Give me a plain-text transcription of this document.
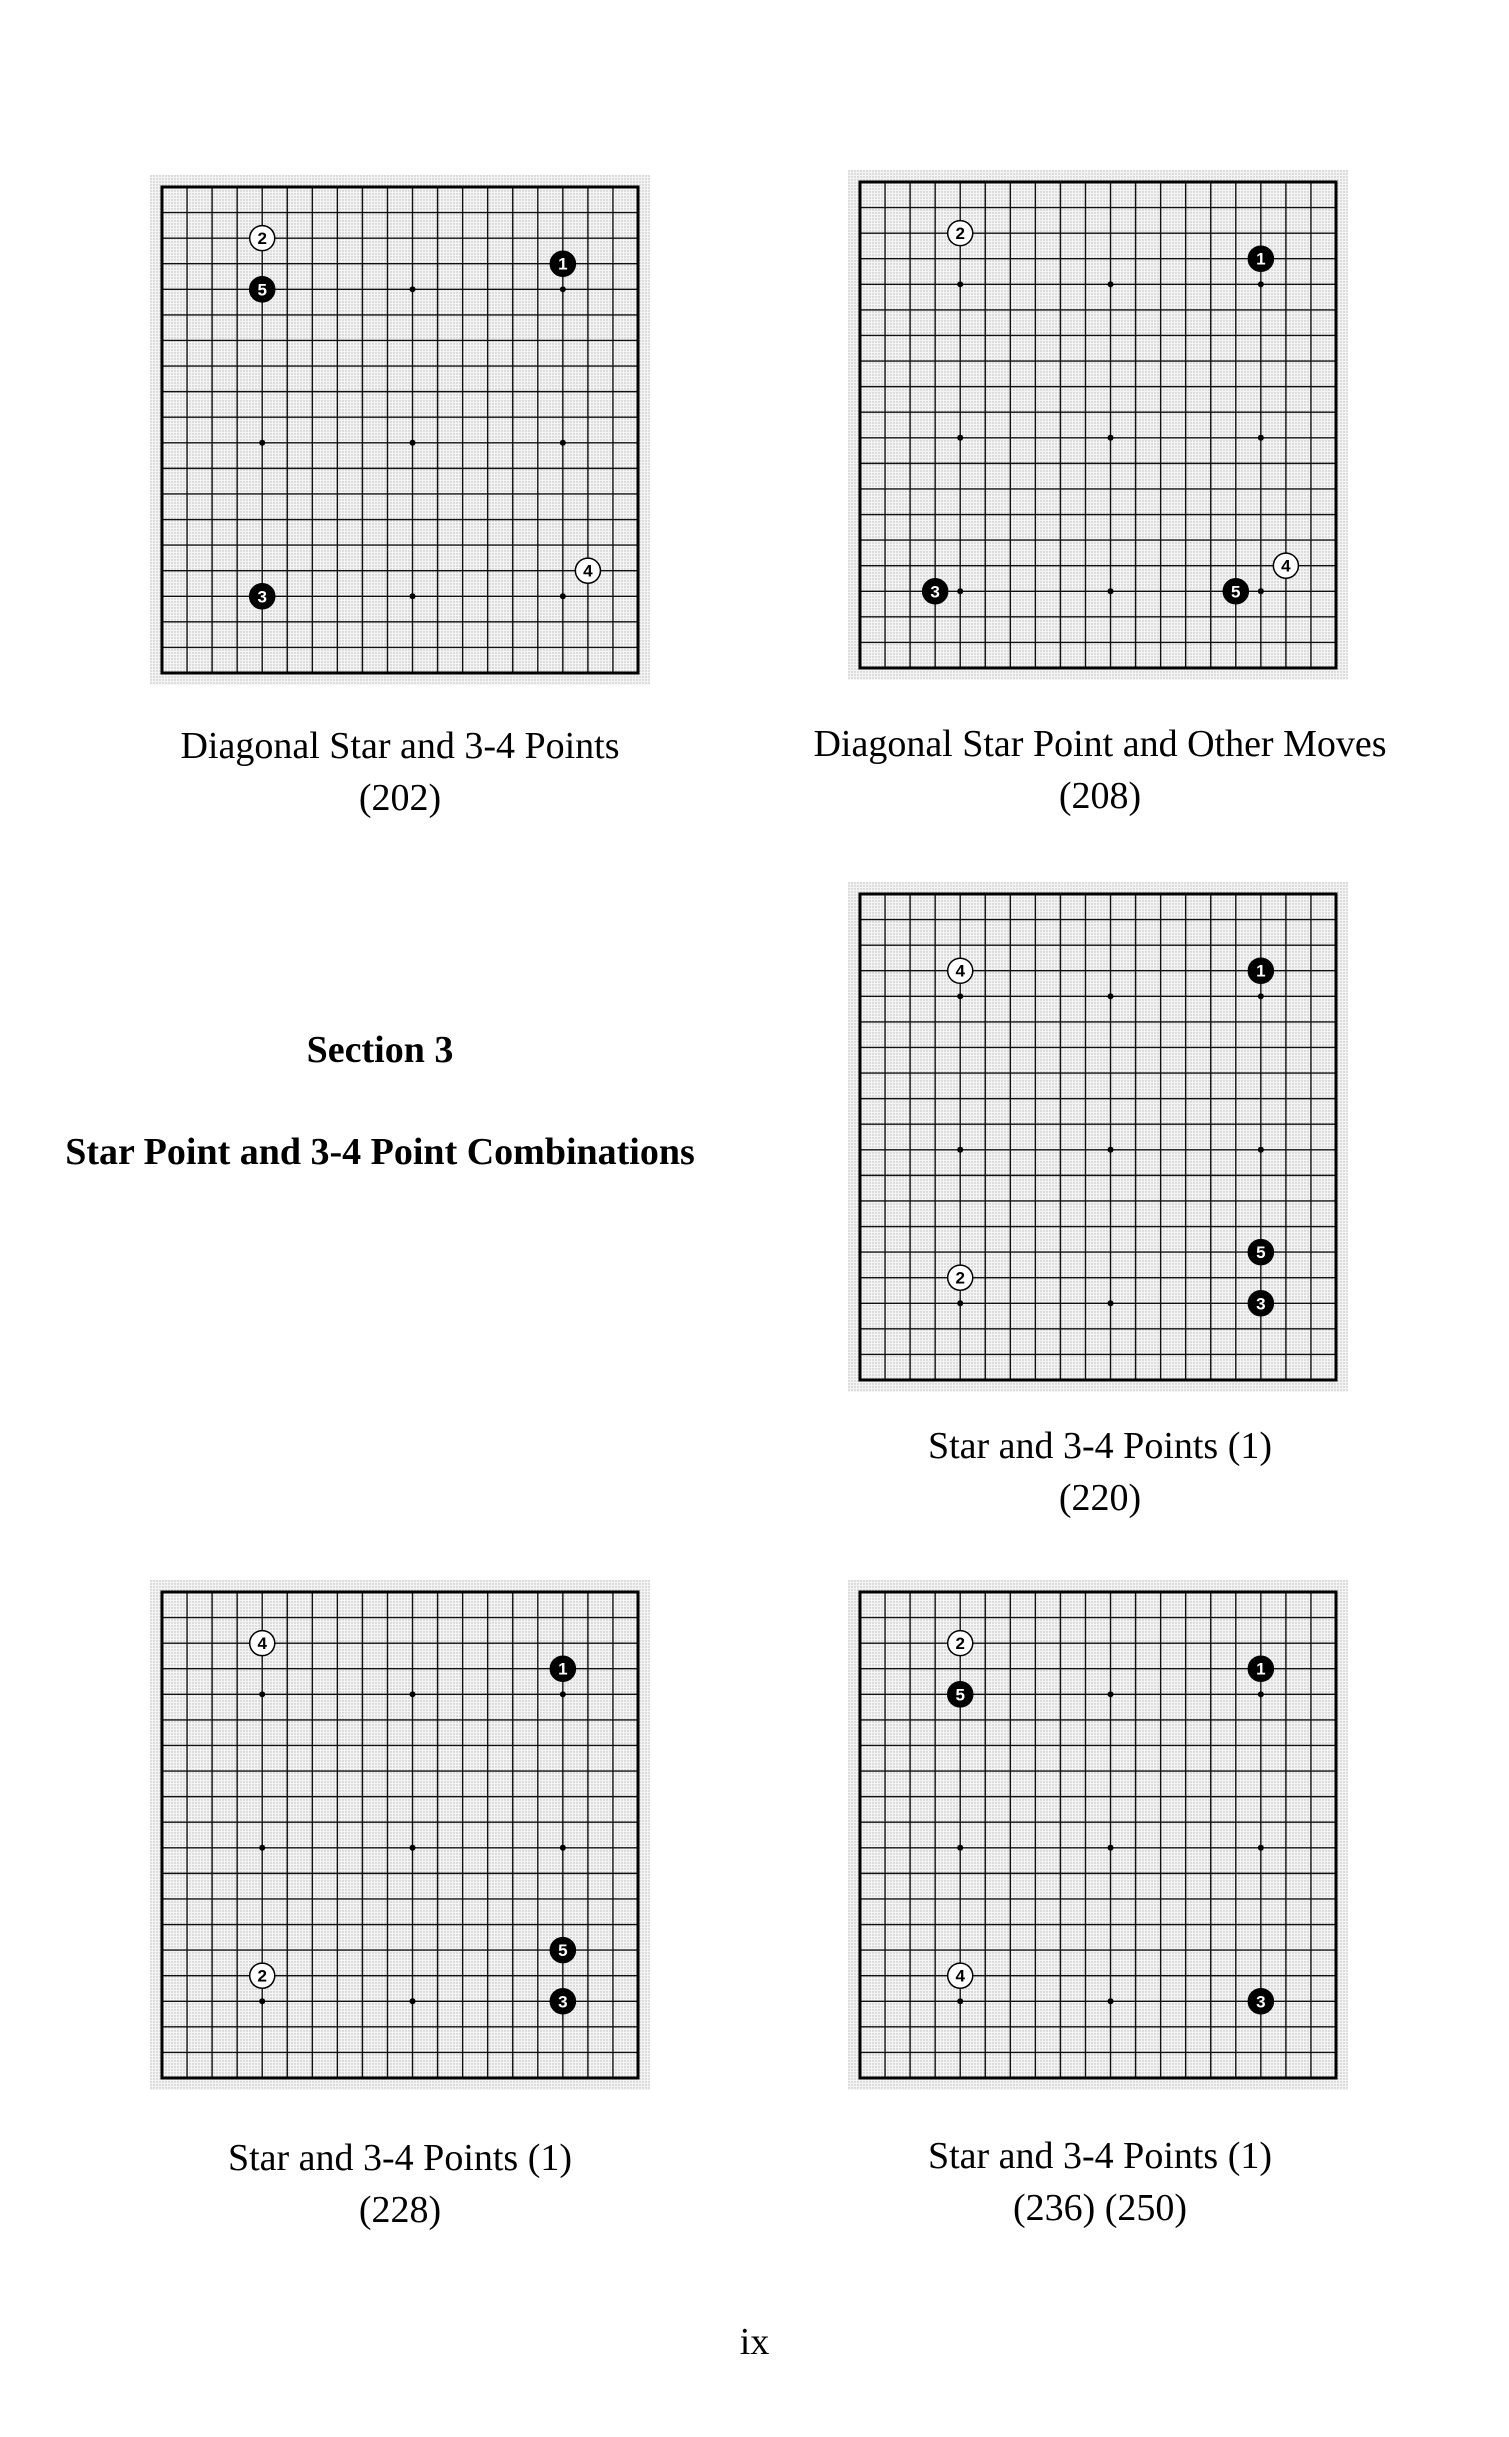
1
2
3
4
5
Diagonal Star and 3-4 Points
(202)
1
2
3
4
5
Diagonal Star Point and Other Moves
(208)
Section 3
Star Point and 3-4 Point Combinations
1
2
3
4
5
Star and 3-4 Points (1)
(220)
1
2
3
4
5
Star and 3-4 Points (1)
(228)
1
2
3
4
5
Star and 3-4 Points (1)
(236) (250)
ix
